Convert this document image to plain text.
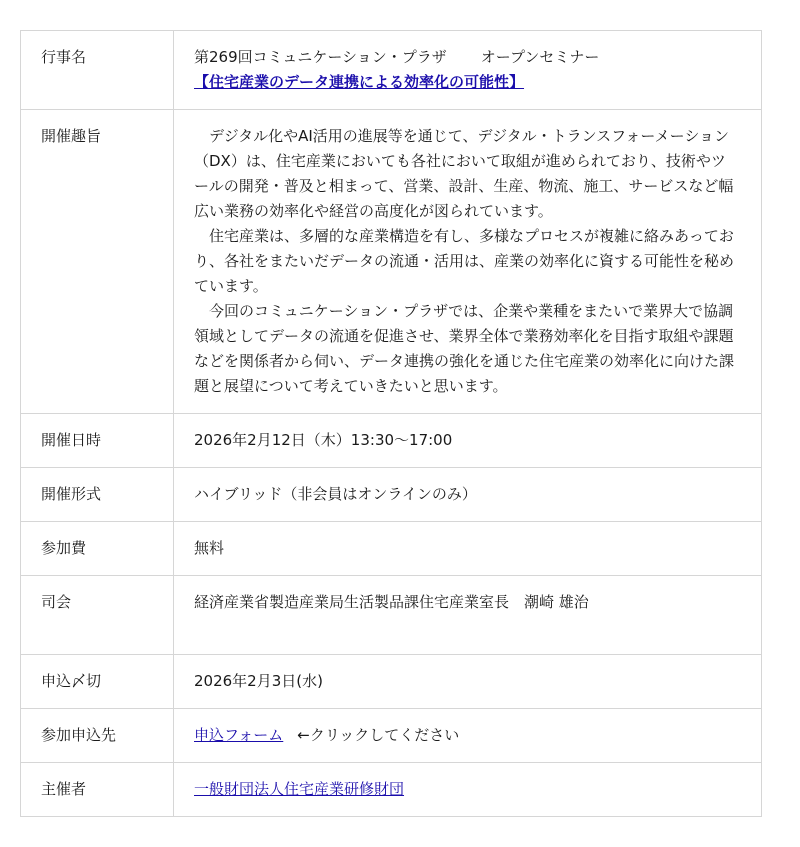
行事名	第269回コミュニケーション・プラザ オープンセミナー
【住宅産業のデータ連携による効率化の可能性】
開催趣旨	デジタル化やAI活用の進展等を通じて、デジタル・トランスフォーメーション（DX）は、住宅産業においても各社において取組が進められており、技術やツールの開発・普及と相まって、営業、設計、生産、物流、施工、サービスなど幅広い業務の効率化や経営の高度化が図られています。

住宅産業は、多層的な産業構造を有し、多様なプロセスが複雑に絡みあっており、各社をまたいだデータの流通・活用は、産業の効率化に資する可能性を秘めています。

今回のコミュニケーション・プラザでは、企業や業種をまたいで業界大で協調領域としてデータの流通を促進させ、業界全体で業務効率化を目指す取組や課題などを関係者から伺い、データ連携の強化を通じた住宅産業の効率化に向けた課題と展望について考えていきたいと思います。

開催日時	2026年2月12日（木）13:30～17:00
開催形式	ハイブリッド（非会員はオンラインのみ）
参加費	無料
司会	経済産業省製造産業局生活製品課住宅産業室長　潮崎 雄治
申込〆切	2026年2月3日(水)
参加申込先	申込フォーム ←クリックしてください
主催者	一般財団法人住宅産業研修財団
